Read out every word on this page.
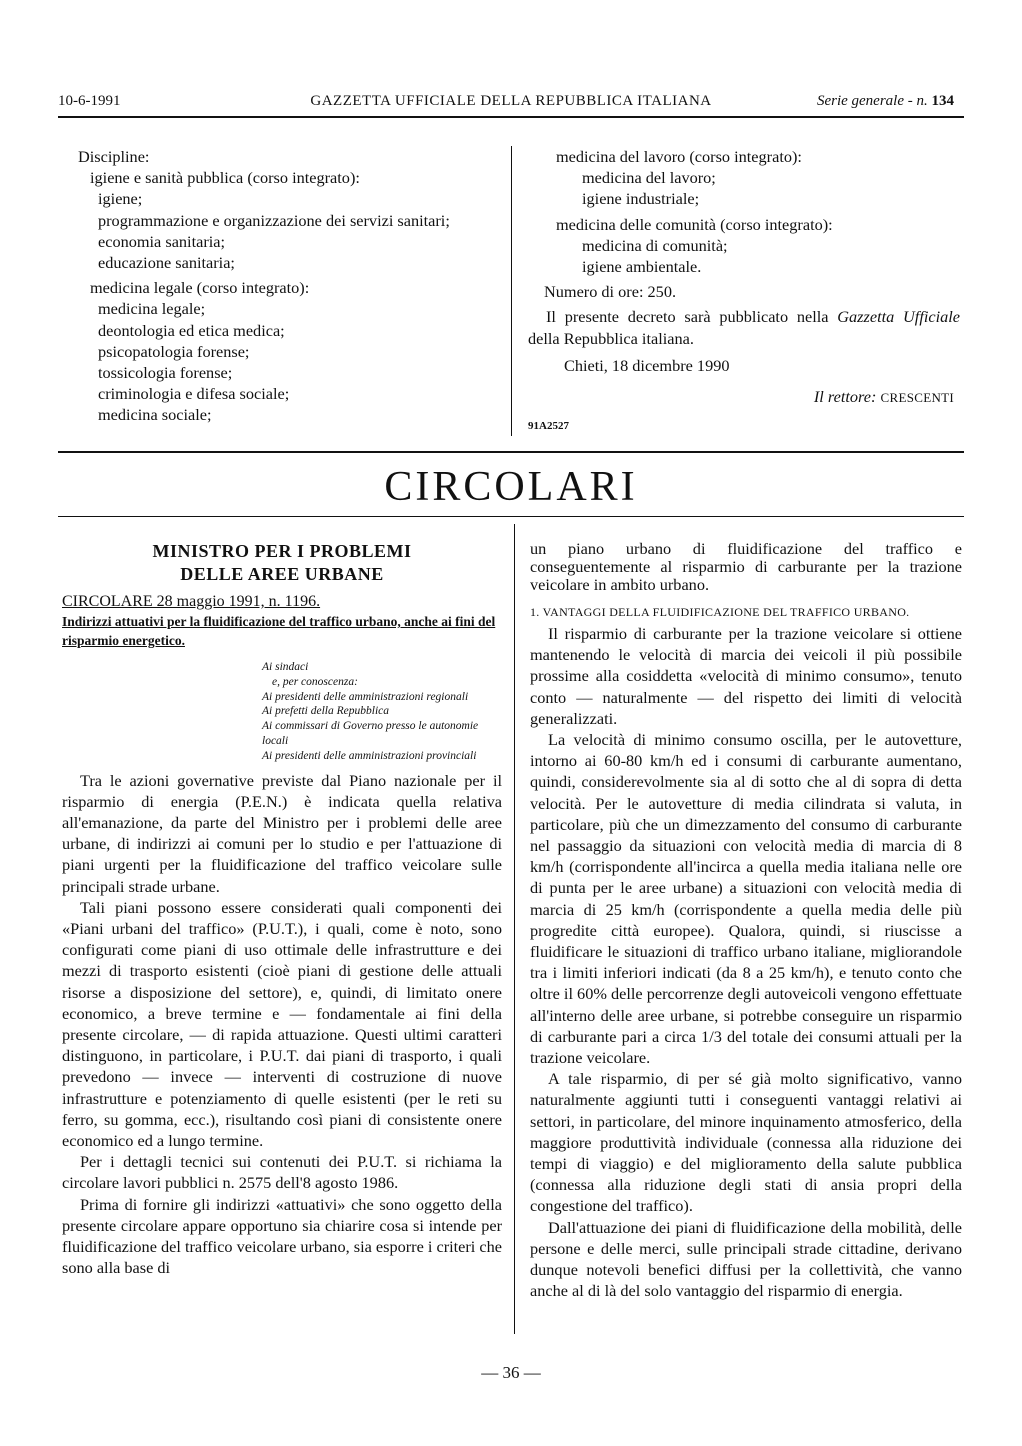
10-6-1991	GAZZETTA UFFICIALE DELLA REPUBBLICA ITALIANA	Serie generale - n. 134

Discipline:

igiene e sanità pubblica (corso integrato):

igiene;

programmazione e organizzazione dei servizi sanitari;

economia sanitaria;

educazione sanitaria;

medicina legale (corso integrato):

medicina legale;

deontologia ed etica medica;

psicopatologia forense;

tossicologia forense;

criminologia e difesa sociale;

medicina sociale;

medicina del lavoro (corso integrato):

medicina del lavoro;

igiene industriale;

medicina delle comunità (corso integrato):

medicina di comunità;

igiene ambientale.

Numero di ore: 250.

Il presente decreto sarà pubblicato nella Gazzetta Ufficiale della Repubblica italiana.

Chieti, 18 dicembre 1990

Il rettore: CRESCENTI

91A2527

CIRCOLARI

MINISTRO PER I PROBLEMI

DELLE AREE URBANE

CIRCOLARE 28 maggio 1991, n. 1196.

Indirizzi attuativi per la fluidificazione del traffico urbano, anche ai fini del risparmio energetico.

Ai sindaci

e, per conoscenza:

Ai presidenti delle amministrazioni regionali

Ai prefetti della Repubblica

Ai commissari di Governo presso le autonomie locali

Ai presidenti delle amministrazioni provinciali

Tra le azioni governative previste dal Piano nazionale per il risparmio di energia (P.E.N.) è indicata quella relativa all'emanazione, da parte del Ministro per i problemi delle aree urbane, di indirizzi ai comuni per lo studio e per l'attuazione di piani urgenti per la fluidificazione del traffico veicolare sulle principali strade urbane.

Tali piani possono essere considerati quali componenti dei «Piani urbani del traffico» (P.U.T.), i quali, come è noto, sono configurati come piani di uso ottimale delle infrastrutture e dei mezzi di trasporto esistenti (cioè piani di gestione delle attuali risorse a disposizione del settore), e, quindi, di limitato onere economico, a breve termine e — fondamentale ai fini della presente circolare, — di rapida attuazione. Questi ultimi caratteri distinguono, in particolare, i P.U.T. dai piani di trasporto, i quali prevedono — invece — interventi di costruzione di nuove infrastrutture e potenziamento di quelle esistenti (per le reti su ferro, su gomma, ecc.), risultando così piani di consistente onere economico ed a lungo termine.

Per i dettagli tecnici sui contenuti dei P.U.T. si richiama la circolare lavori pubblici n. 2575 dell'8 agosto 1986.

Prima di fornire gli indirizzi «attuativi» che sono oggetto della presente circolare appare opportuno sia chiarire cosa si intende per fluidificazione del traffico veicolare urbano, sia esporre i criteri che sono alla base di

un piano urbano di fluidificazione del traffico e conseguentemente al risparmio di carburante per la trazione veicolare in ambito urbano.

1. VANTAGGI DELLA FLUIDIFICAZIONE DEL TRAFFICO URBANO.

Il risparmio di carburante per la trazione veicolare si ottiene mantenendo le velocità di marcia dei veicoli il più possibile prossime alla cosiddetta «velocità di minimo consumo», tenuto conto — naturalmente — del rispetto dei limiti di velocità generalizzati.

La velocità di minimo consumo oscilla, per le autovetture, intorno ai 60-80 km/h ed i consumi di carburante aumentano, quindi, considerevolmente sia al di sotto che al di sopra di detta velocità. Per le autovetture di media cilindrata si valuta, in particolare, più che un dimezzamento del consumo di carburante nel passaggio da situazioni con velocità media di marcia di 8 km/h (corrispondente all'incirca a quella media italiana nelle ore di punta per le aree urbane) a situazioni con velocità media di marcia di 25 km/h (corrispondente a quella media delle più progredite città europee). Qualora, quindi, si riuscisse a fluidificare le situazioni di traffico urbano italiane, migliorandole tra i limiti inferiori indicati (da 8 a 25 km/h), e tenuto conto che oltre il 60% delle percorrenze degli autoveicoli vengono effettuate all'interno delle aree urbane, si potrebbe conseguire un risparmio di carburante pari a circa 1/3 del totale dei consumi attuali per la trazione veicolare.

A tale risparmio, di per sé già molto significativo, vanno naturalmente aggiunti tutti i conseguenti vantaggi relativi ai settori, in particolare, del minore inquinamento atmosferico, della maggiore produttività individuale (connessa alla riduzione dei tempi di viaggio) e del miglioramento della salute pubblica (connessa alla riduzione degli stati di ansia propri della congestione del traffico).

Dall'attuazione dei piani di fluidificazione della mobilità, delle persone e delle merci, sulle principali strade cittadine, derivano dunque notevoli benefici diffusi per la collettività, che vanno anche al di là del solo vantaggio del risparmio di energia.

— 36 —
